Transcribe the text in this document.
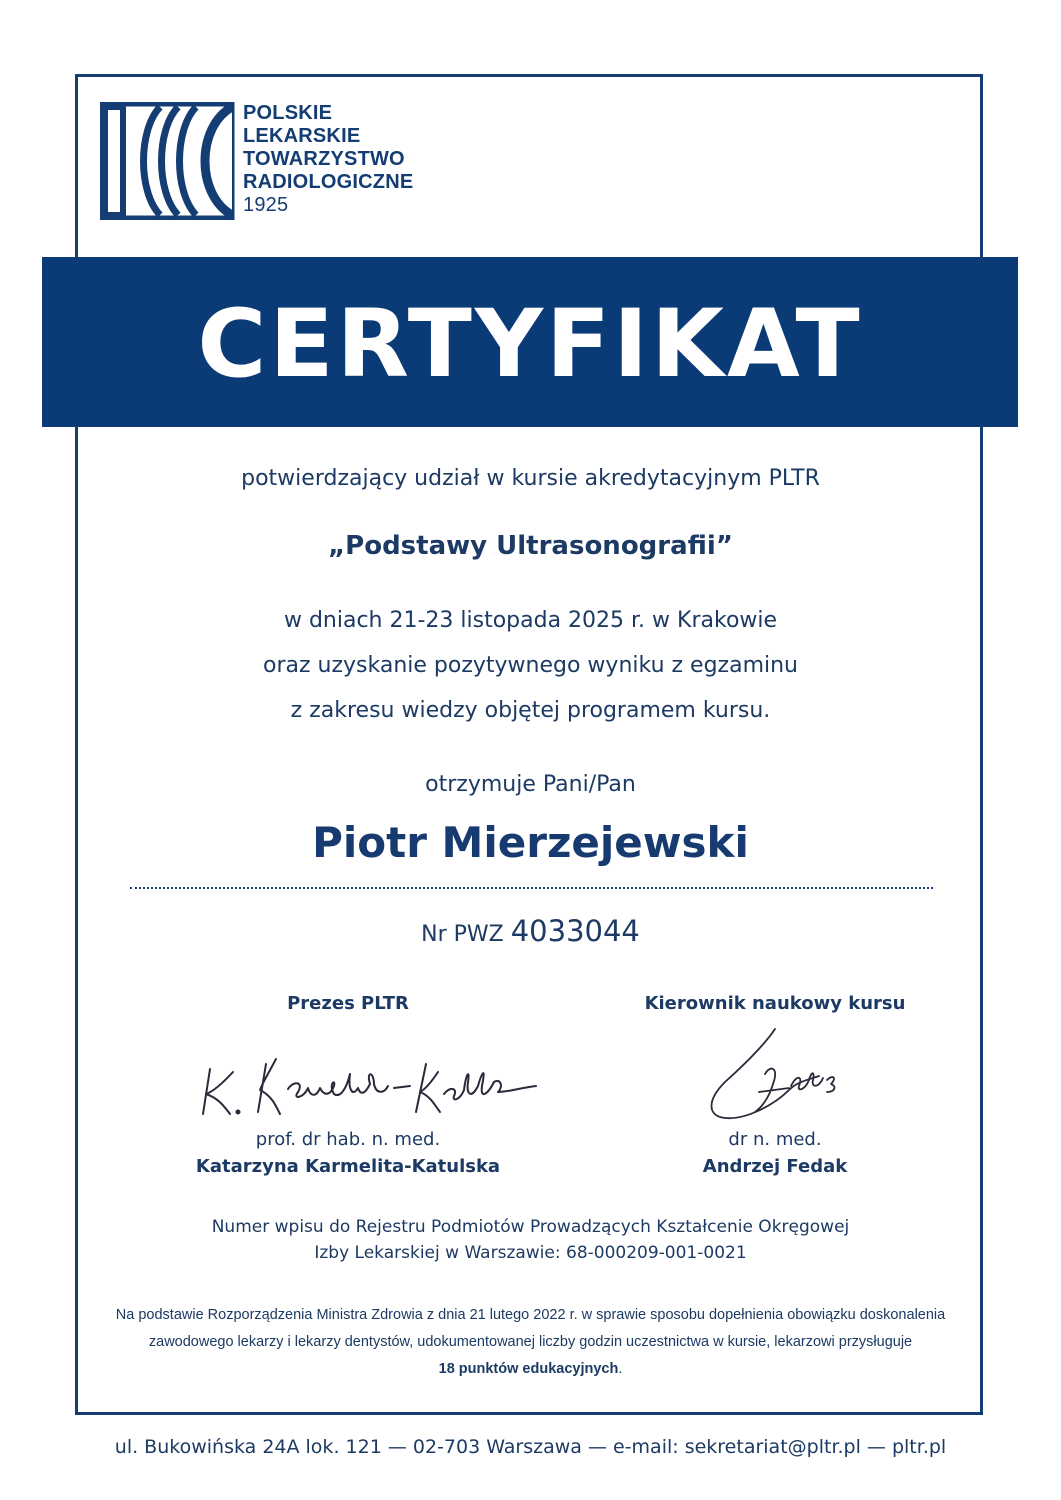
POLSKIE
LEKARSKIE
TOWARZYSTWO
RADIOLOGICZNE
1925
CERTYFIKAT
potwierdzający udział w kursie akredytacyjnym PLTR
„Podstawy Ultrasonografii”
w dniach 21-23 listopada 2025 r. w Krakowie
oraz uzyskanie pozytywnego wyniku z egzaminu
z zakresu wiedzy objętej programem kursu.
otrzymuje Pani/Pan
Piotr Mierzejewski
Nr PWZ 4033044
Prezes PLTR
prof. dr hab. n. med.
Katarzyna Karmelita-Katulska
Kierownik naukowy kursu
dr n. med.
Andrzej Fedak
Numer wpisu do Rejestru Podmiotów Prowadzących Kształcenie Okręgowej
Izby Lekarskiej w Warszawie: 68-000209-001-0021
Na podstawie Rozporządzenia Ministra Zdrowia z dnia 21 lutego 2022 r. w sprawie sposobu dopełnienia obowiązku doskonalenia
zawodowego lekarzy i lekarzy dentystów, udokumentowanej liczby godzin uczestnictwa w kursie, lekarzowi przysługuje
18 punktów edukacyjnych.
ul. Bukowińska 24A lok. 121 — 02-703 Warszawa — e-mail: sekretariat@pltr.pl — pltr.pl
